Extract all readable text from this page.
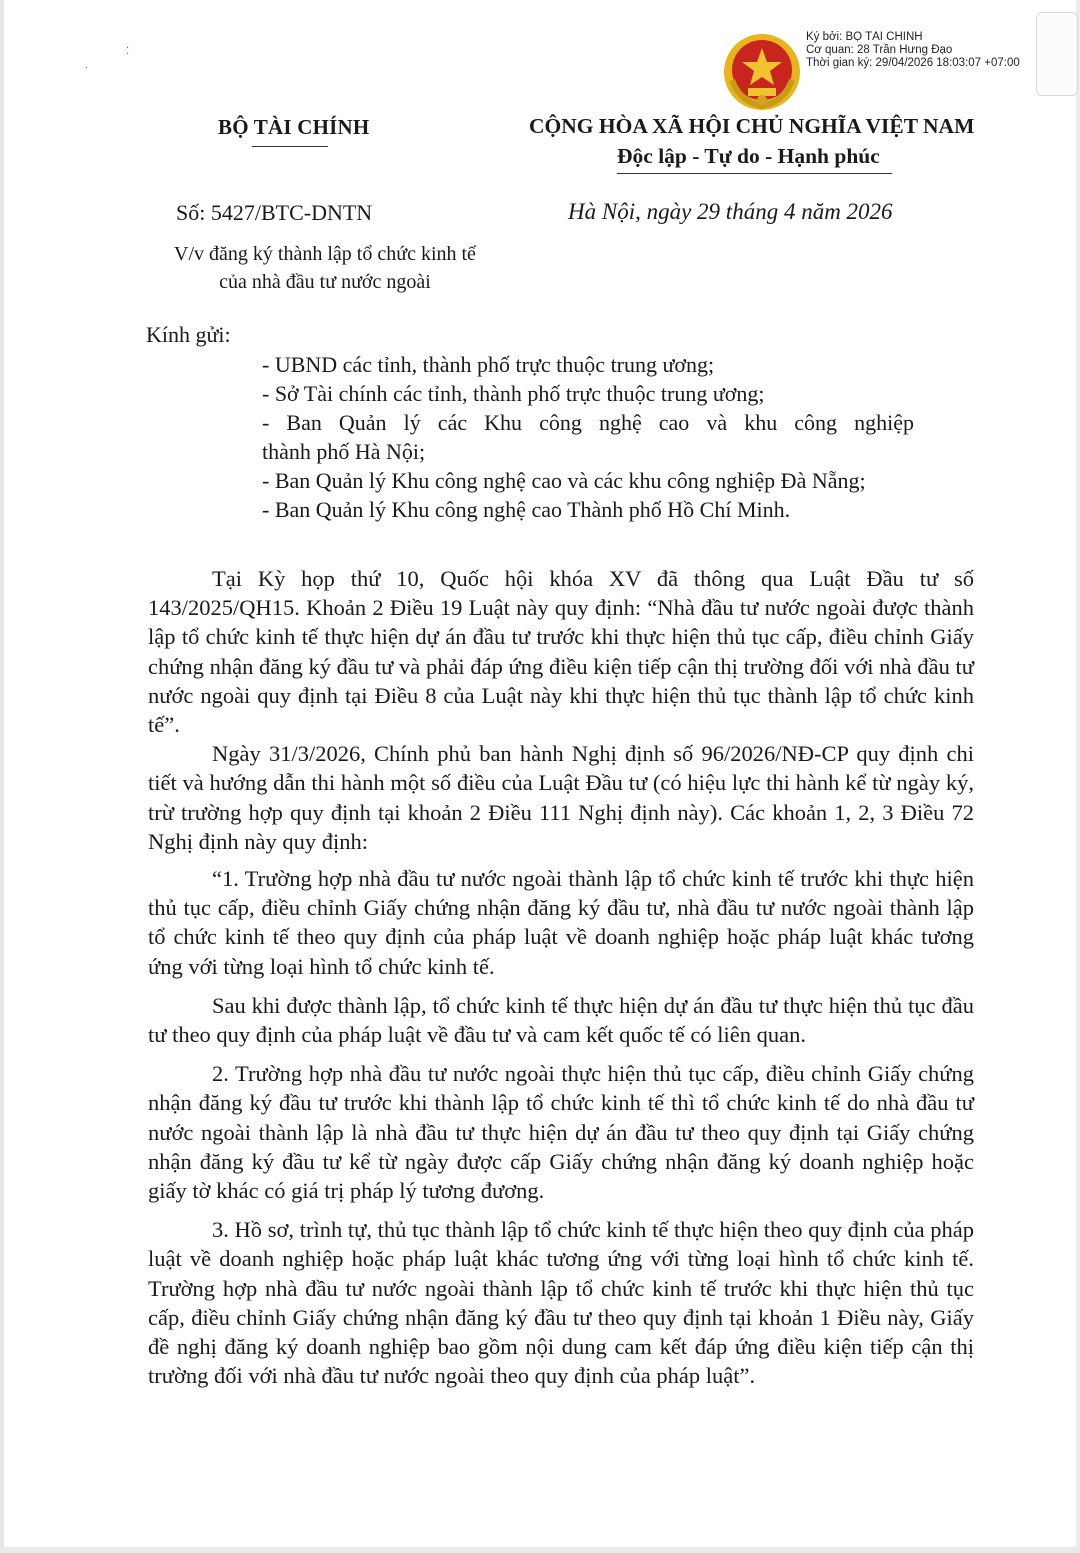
⁚
·
Ký bởi: BỘ TÀI CHÍNH
Cơ quan: 28 Trần Hưng Đạo
Thời gian ký: 29/04/2026 18:03:07 +07:00
BỘ TÀI CHÍNH	CỘNG HÒA XÃ HỘI CHỦ NGHĨA VIỆT NAM
Độc lập - Tự do - Hạnh phúc
Số: 5427/BTC-DNTN	Hà Nội, ngày 29 tháng 4 năm 2026
V/v đăng ký thành lập tổ chức kinh tế
của nhà đầu tư nước ngoài
Kính gửi:

- UBND các tỉnh, thành phố trực thuộc trung ương;

- Sở Tài chính các tỉnh, thành phố trực thuộc trung ương;

- Ban Quản lý các Khu công nghệ cao và khu công nghiệp

thành phố Hà Nội;

- Ban Quản lý Khu công nghệ cao và các khu công nghiệp Đà Nẵng;

- Ban Quản lý Khu công nghệ cao Thành phố Hồ Chí Minh.

Tại Kỳ họp thứ 10, Quốc hội khóa XV đã thông qua Luật Đầu tư số 143/2025/QH15. Khoản 2 Điều 19 Luật này quy định: “Nhà đầu tư nước ngoài được thành lập tổ chức kinh tế thực hiện dự án đầu tư trước khi thực hiện thủ tục cấp, điều chỉnh Giấy chứng nhận đăng ký đầu tư và phải đáp ứng điều kiện tiếp cận thị trường đối với nhà đầu tư nước ngoài quy định tại Điều 8 của Luật này khi thực hiện thủ tục thành lập tổ chức kinh tế”.

Ngày 31/3/2026, Chính phủ ban hành Nghị định số 96/2026/NĐ-CP quy định chi tiết và hướng dẫn thi hành một số điều của Luật Đầu tư (có hiệu lực thi hành kể từ ngày ký, trừ trường hợp quy định tại khoản 2 Điều 111 Nghị định này). Các khoản 1, 2, 3 Điều 72 Nghị định này quy định:

“1. Trường hợp nhà đầu tư nước ngoài thành lập tổ chức kinh tế trước khi thực hiện thủ tục cấp, điều chỉnh Giấy chứng nhận đăng ký đầu tư, nhà đầu tư nước ngoài thành lập tổ chức kinh tế theo quy định của pháp luật về doanh nghiệp hoặc pháp luật khác tương ứng với từng loại hình tổ chức kinh tế.

Sau khi được thành lập, tổ chức kinh tế thực hiện dự án đầu tư thực hiện thủ tục đầu tư theo quy định của pháp luật về đầu tư và cam kết quốc tế có liên quan.

2. Trường hợp nhà đầu tư nước ngoài thực hiện thủ tục cấp, điều chỉnh Giấy chứng nhận đăng ký đầu tư trước khi thành lập tổ chức kinh tế thì tổ chức kinh tế do nhà đầu tư nước ngoài thành lập là nhà đầu tư thực hiện dự án đầu tư theo quy định tại Giấy chứng nhận đăng ký đầu tư kể từ ngày được cấp Giấy chứng nhận đăng ký doanh nghiệp hoặc giấy tờ khác có giá trị pháp lý tương đương.

3. Hồ sơ, trình tự, thủ tục thành lập tổ chức kinh tế thực hiện theo quy định của pháp luật về doanh nghiệp hoặc pháp luật khác tương ứng với từng loại hình tổ chức kinh tế. Trường hợp nhà đầu tư nước ngoài thành lập tổ chức kinh tế trước khi thực hiện thủ tục cấp, điều chỉnh Giấy chứng nhận đăng ký đầu tư theo quy định tại khoản 1 Điều này, Giấy đề nghị đăng ký doanh nghiệp bao gồm nội dung cam kết đáp ứng điều kiện tiếp cận thị trường đối với nhà đầu tư nước ngoài theo quy định của pháp luật”.
